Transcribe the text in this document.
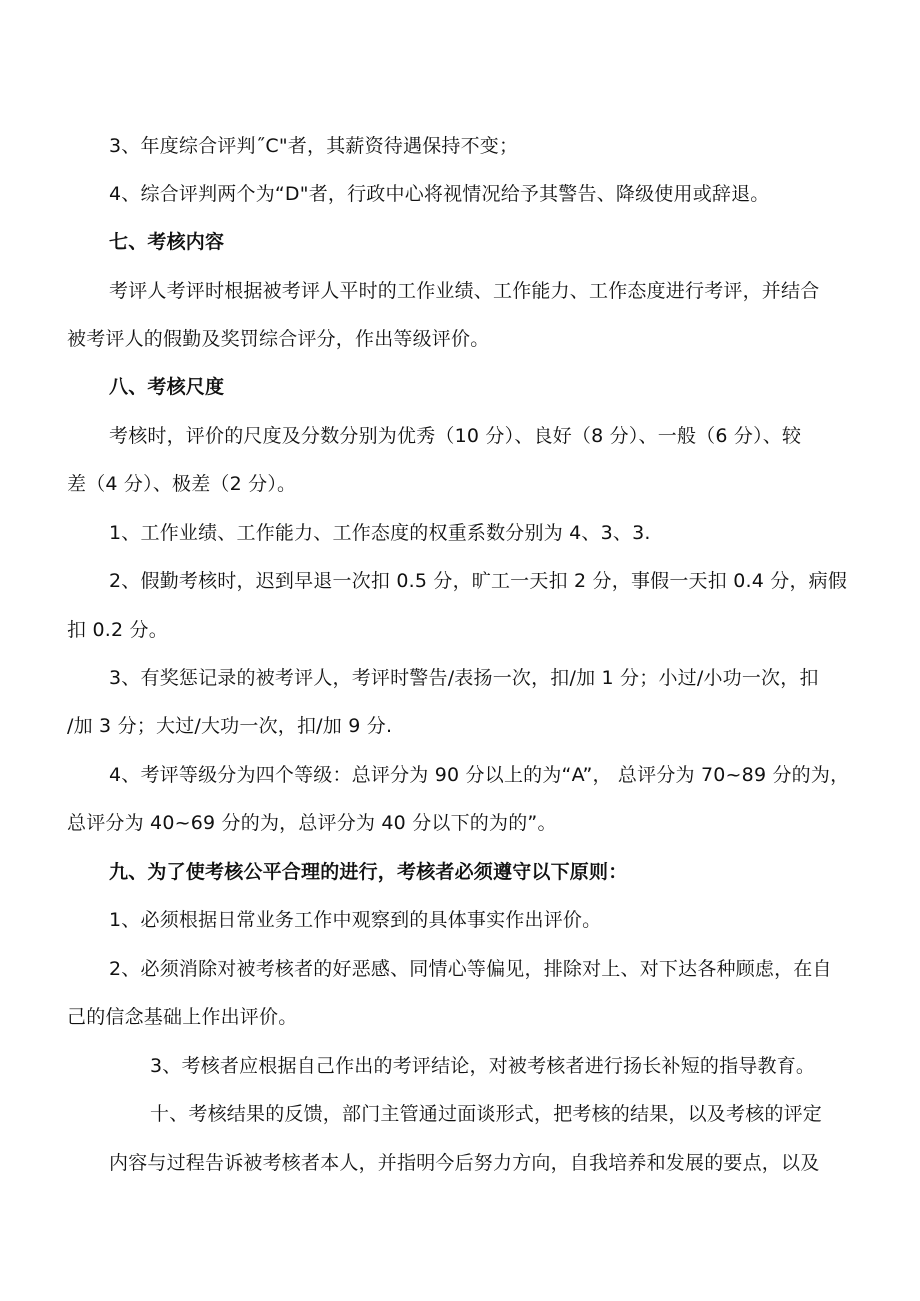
3、年度综合评判˝C"者，其薪资待遇保持不变；
4、综合评判两个为“D"者，行政中心将视情况给予其警告、降级使用或辞退。
七、考核内容
考评人考评时根据被考评人平时的工作业绩、工作能力、工作态度进行考评，并结合
被考评人的假勤及奖罚综合评分，作出等级评价。
八、考核尺度
考核时，评价的尺度及分数分别为优秀（10 分）、良好（8 分）、一般（6 分）、较
差（4 分）、极差（2 分）。
1、工作业绩、工作能力、工作态度的权重系数分别为 4、3、3.
2、假勤考核时，迟到早退一次扣 0.5 分，旷工一天扣 2 分，事假一天扣 0.4 分，病假
扣 0.2 分。
3、有奖惩记录的被考评人，考评时警告/表扬一次，扣/加 1 分；小过/小功一次，扣
/加 3 分；大过/大功一次，扣/加 9 分.
4、考评等级分为四个等级：总评分为 90 分以上的为“A”， 总评分为 70~89 分的为，
总评分为 40~69 分的为，总评分为 40 分以下的为的”。
九、为了使考核公平合理的进行，考核者必须遵守以下原则：
1、必须根据日常业务工作中观察到的具体事实作出评价。
2、必须消除对被考核者的好恶感、同情心等偏见，排除对上、对下达各种顾虑，在自
己的信念基础上作出评价。
3、考核者应根据自己作出的考评结论，对被考核者进行扬长补短的指导教育。
十、考核结果的反馈，部门主管通过面谈形式，把考核的结果，以及考核的评定
内容与过程告诉被考核者本人，并指明今后努力方向，自我培养和发展的要点，以及
